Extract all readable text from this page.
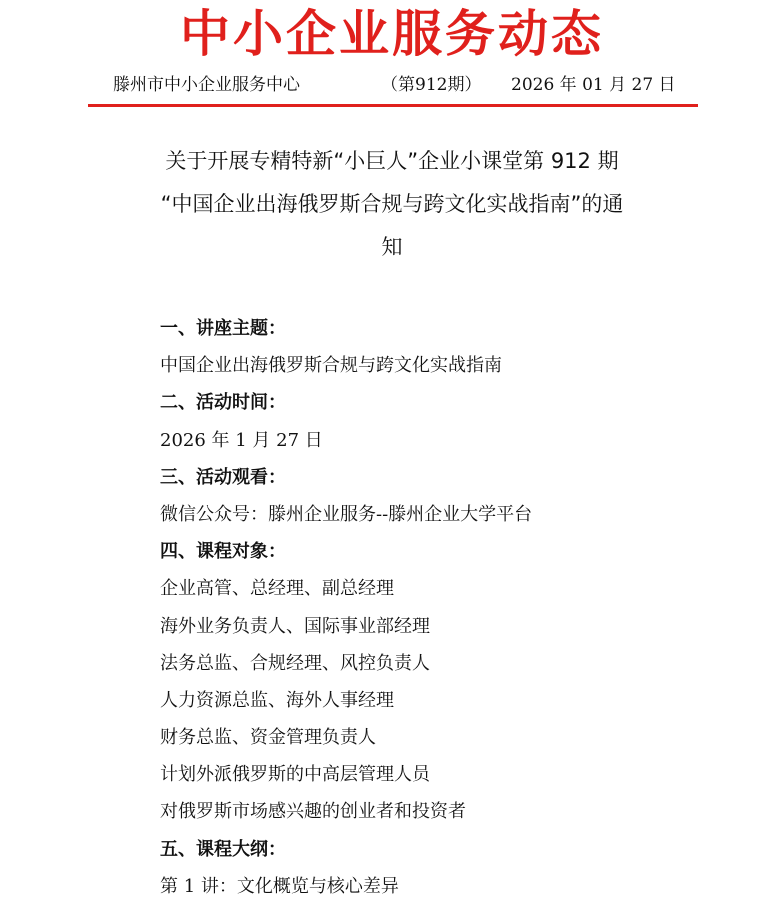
中小企业服务动态
滕州市中小企业服务中心	（第912期） 2026 年 01 月 27 日
关于开展专精特新“小巨人”企业小课堂第 912 期
“中国企业出海俄罗斯合规与跨文化实战指南”的通
知
一、讲座主题：
中国企业出海俄罗斯合规与跨文化实战指南
二、活动时间：
2026 年 1 月 27 日
三、活动观看：
微信公众号：滕州企业服务--滕州企业大学平台
四、课程对象：
企业高管、总经理、副总经理
海外业务负责人、国际事业部经理
法务总监、合规经理、风控负责人
人力资源总监、海外人事经理
财务总监、资金管理负责人
计划外派俄罗斯的中高层管理人员
对俄罗斯市场感兴趣的创业者和投资者
五、课程大纲：
第 1 讲：文化概览与核心差异
